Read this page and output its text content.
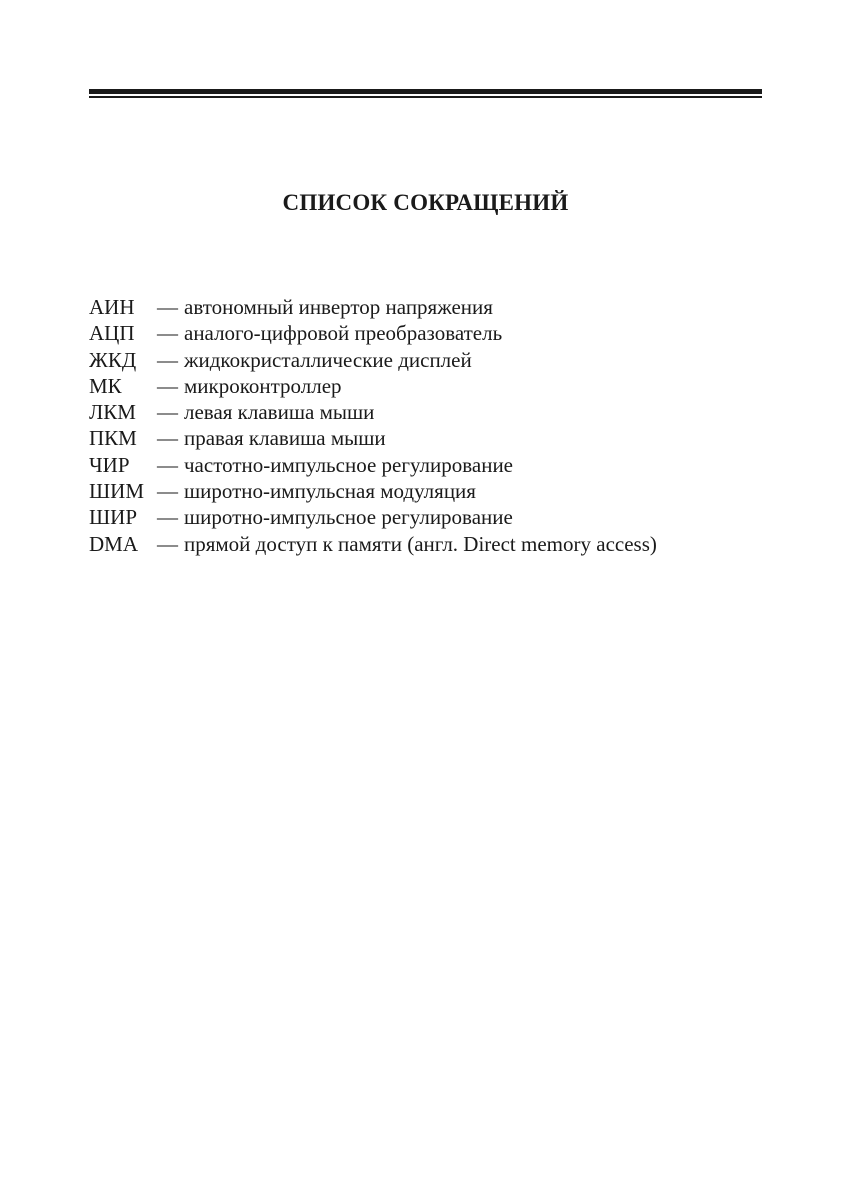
СПИСОК СОКРАЩЕНИЙ
АИН	— автономный инвертор напряжения
АЦП	— аналого-цифровой преобразователь
ЖКД — жидкокристаллические дисплей
МК	— микроконтроллер
ЛКМ	— левая клавиша мыши
ПКМ — правая клавиша мыши
ЧИР	— частотно-импульсное регулирование
ШИМ — широтно-импульсная модуляция
ШИР — широтно-импульсное регулирование
DMA — прямой доступ к памяти (англ. Direct memory access)
